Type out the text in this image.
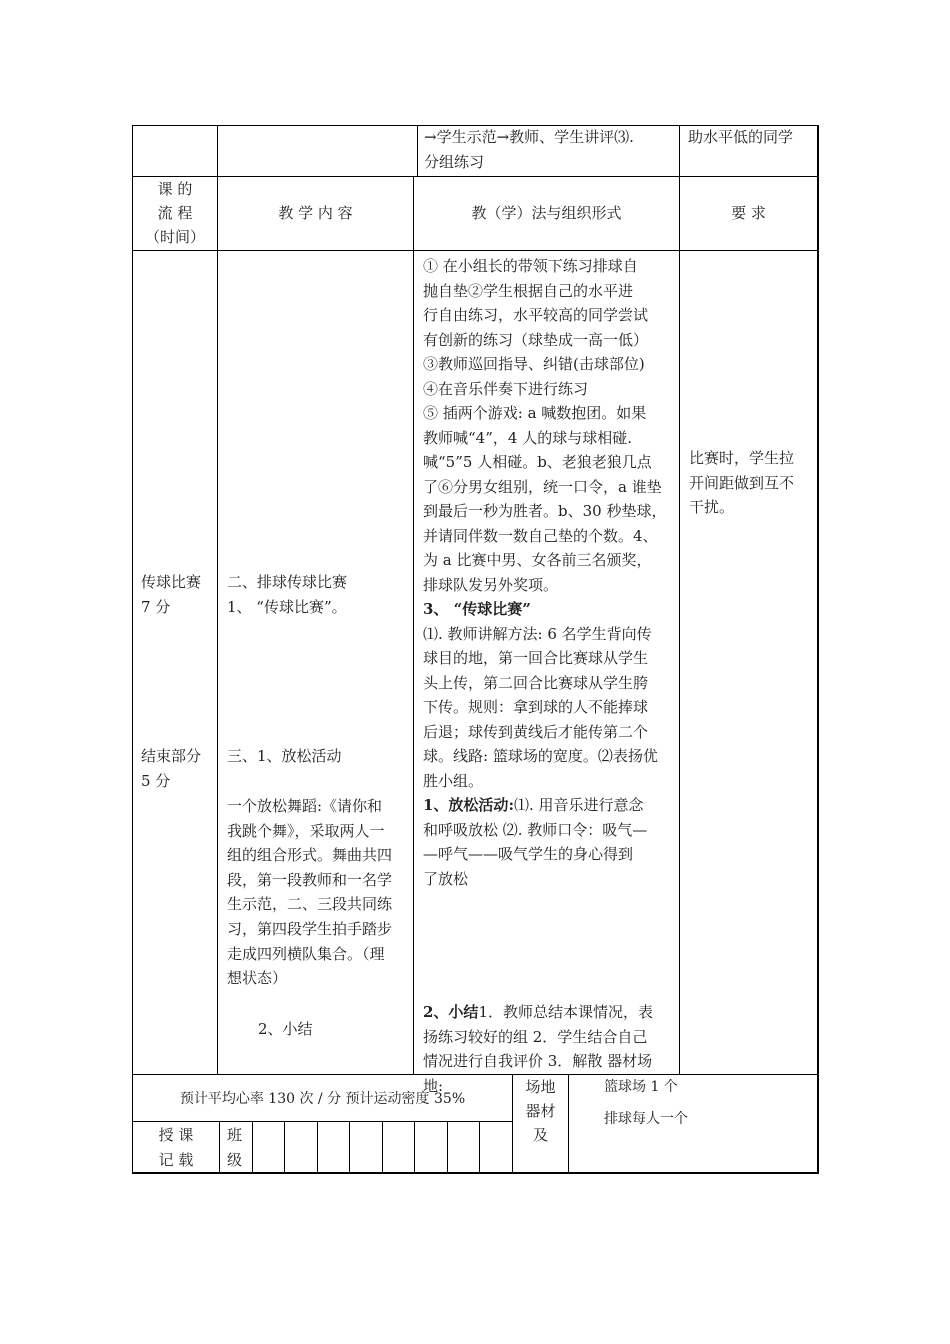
→学生示范→教师、学生讲评⑶.
分组练习
助水平低的同学
课 的
流 程
（时间）
教 学 内 容	教（学）法与组织形式	要 求
传球比赛
7 分
结束部分
5 分
二、排球传球比赛
1、 “传球比赛”。
三、1、放松活动
一个放松舞蹈:《请你和
我跳个舞》，采取两人一
组的组合形式。舞曲共四
段，第一段教师和一名学
生示范，二、三段共同练
习，第四段学生拍手踏步
走成四列横队集合。（理
想状态）
2、小结
① 在小组长的带领下练习排球自
抛自垫②学生根据自己的水平进
行自由练习，水平较高的同学尝试
有创新的练习（球垫成一高一低）
③教师巡回指导、纠错(击球部位)
④在音乐伴奏下进行练习
⑤ 插两个游戏: a 喊数抱团。如果
教师喊“4”，4 人的球与球相碰.
喊“5”5 人相碰。b、老狼老狼几点
了⑥分男女组别，统一口令，a 谁垫
到最后一秒为胜者。b、30 秒垫球，
并请同伴数一数自己垫的个数。4、
为 a 比赛中男、女各前三名颁奖，
排球队发另外奖项。
3、 “传球比赛”
⑴. 教师讲解方法: 6 名学生背向传
球目的地，第一回合比赛球从学生
头上传，第二回合比赛球从学生胯
下传。规则：拿到球的人不能捧球
后退；球传到黄线后才能传第二个
球。线路: 篮球场的宽度。⑵表扬优
胜小组。
1、放松活动:⑴. 用音乐进行意念
和呼吸放松 ⑵. 教师口令：吸气—
—呼气——吸气学生的身心得到
了放松
2、小结1．教师总结本课情况，表
扬练习较好的组 2．学生结合自己
情况进行自我评价 3．解散 器材场
地:
比赛时，学生拉
开间距做到互不
干扰。
预计平均心率 130 次 / 分 预计运动密度 35%
场地
器材
及
篮球场 1 个
排球每人一个
授 课
记 载
班
级
